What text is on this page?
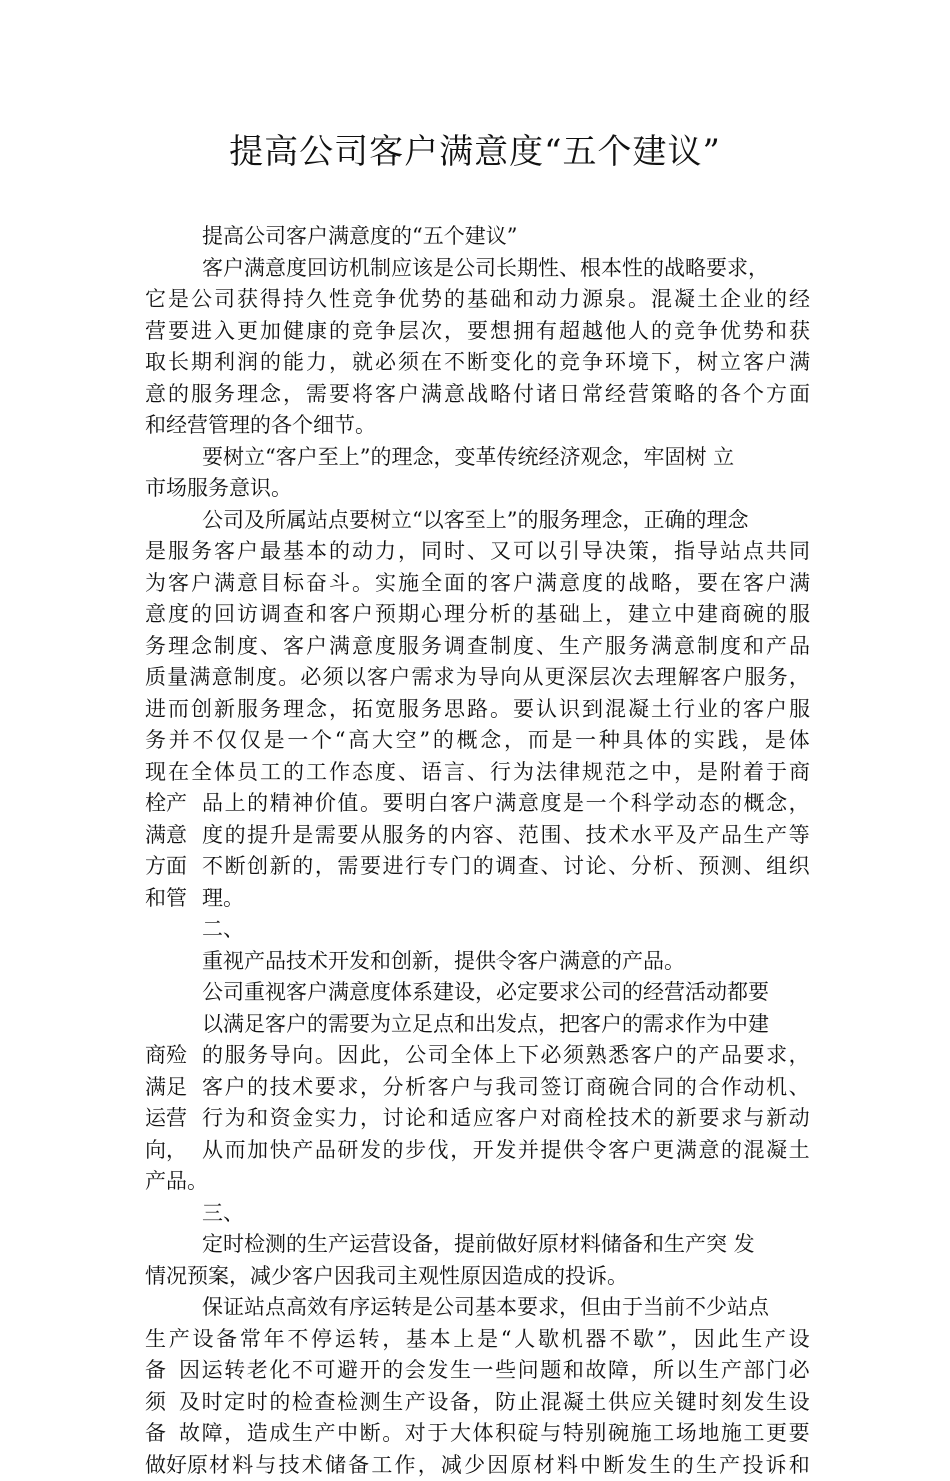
提高公司客户满意度“五个建议”
提高公司客户满意度的“五个建议”
客户满意度回访机制应该是公司长期性、根本性的战略要求，
它 是 公 司 获 得 持 久 性 竞 争 优 势 的 基 础 和 动 力 源 泉 。 混 凝 土 企 业 的 经
营 要 进 入 更 加 健 康 的 竞 争 层 次 ， 要 想 拥 有 超 越 他 人 的 竞 争 优 势 和 获
取 长 期 利 润 的 能 力 ， 就 必 须 在 不 断 变 化 的 竞 争 环 境 下 ， 树 立 客 户 满
意 的 服 务 理 念 ， 需 要 将 客 户 满 意 战 略 付 诸 日 常 经 营 策 略 的 各 个 方 面
和经营管理的各个细节。
要树立“客户至上”的理念，变革传统经济观念，牢固树 立
市场服务意识。
公司及所属站点要树立“以客至上”的服务理念，正确的理念
是 服 务 客 户 最 基 本 的 动 力 ， 同 时 、 又 可 以 引 导 决 策 ， 指 导 站 点 共 同
为 客 户 满 意 目 标 奋 斗 。 实 施 全 面 的 客 户 满 意 度 的 战 略 ， 要 在 客 户 满
意 度 的 回 访 调 查 和 客 户 预 期 心 理 分 析 的 基 础 上 ， 建 立 中 建 商 碗 的 服
务 理 念 制 度 、 客 户 满 意 度 服 务 调 查 制 度 、 生 产 服 务 满 意 制 度 和 产 品
质 量 满 意 制 度 。 必 须 以 客 户 需 求 为 导 向 从 更 深 层 次 去 理 解 客 户 服 务 ，
进 而 创 新 服 务 理 念 ， 拓 宽 服 务 思 路 。 要 认 识 到 混 凝 土 行 业 的 客 户 服
务 并 不 仅 仅 是 一 个 “ 高 大 空 ” 的 概 念 ， 而 是 一 种 具 体 的 实 践 ， 是 体
现 在 全 体 员 工 的 工 作 态 度 、 语 言 、 行 为 法 律 规 范 之 中 ， 是 附 着 于 商
栓产 品 上 的 精 神 价 值 。 要 明 白 客 户 满 意 度 是 一 个 科 学 动 态 的 概 念 ，
满意 度 的 提 升 是 需 要 从 服 务 的 内 容 、 范 围 、 技 术 水 平 及 产 品 生 产 等
方面 不 断 创 新 的 ， 需 要 进 行 专 门 的 调 查 、 讨 论 、 分 析 、 预 测 、 组 织
和管 理。
二、
重视产品技术开发和创新，提供令客户满意的产品。
公司重视客户满意度体系建设，必定要求公司的经营活动都要
以满足客户的需要为立足点和出发点，把客户的需求作为中建
商殓 的 服 务 导 向 。 因 此 ， 公 司 全 体 上 下 必 须 熟 悉 客 户 的 产 品 要 求 ，
满足 客 户 的 技 术 要 求 ， 分 析 客 户 与 我 司 签 订 商 碗 合 同 的 合 作 动 机 、
运营 行 为 和 资 金 实 力 ， 讨 论 和 适 应 客 户 对 商 栓 技 术 的 新 要 求 与 新 动
向， 从 而 加 快 产 品 研 发 的 步 伐 ， 开 发 并 提 供 令 客 户 更 满 意 的 混 凝 土
产品。
三、
定时检测的生产运营设备，提前做好原材料储备和生产突 发
情况预案，减少客户因我司主观性原因造成的投诉。
保证站点高效有序运转是公司基本要求，但由于当前不少站点
生 产 设 备 常 年 不 停 运 转 ， 基 本 上 是 “ 人 歇 机 器 不 歇 ” ， 因 此 生 产 设
备 因 运 转 老 化 不 可 避 开 的 会 发 生 一 些 问 题 和 故 障 ， 所 以 生 产 部 门 必
须 及 时 定 时 的 检 查 检 测 生 产 设 备 ， 防 止 混 凝 土 供 应 关 键 时 刻 发 生 设
备 故 障 ， 造 成 生 产 中 断 。 对 于 大 体 积 碇 与 特 别 碗 施 工 场 地 施 工 更 要
做好原 材 料 与 技 术 储 备 工 作 ， 减 少 因 原 材 料 中 断 发 生 的 生 产 投 诉 和
